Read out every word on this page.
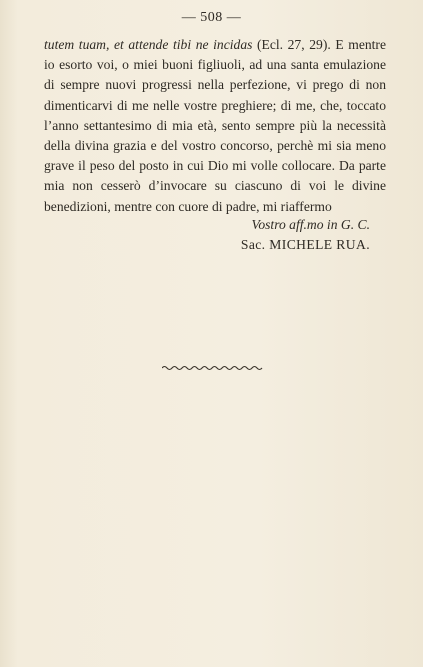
— 508 —

tutem tuam, et attende tibi ne incidas (Ecl. 27, 29). E mentre io esorto voi, o miei buoni figliuoli, ad una santa emulazione di sempre nuovi progressi nella perfezione, vi prego di non dimenticarvi di me nelle vostre preghiere; di me, che, toccato l’anno settantesimo di mia età, sento sempre più la necessità della divina grazia e del vostro concorso, perchè mi sia meno grave il peso del posto in cui Dio mi volle collocare. Da parte mia non cesserò d’invocare su ciascuno di voi le divine benedizioni, mentre con cuore di padre, mi riaffermo

Vostro aff.mo in G. C.
Sac. MICHELE RUA.
